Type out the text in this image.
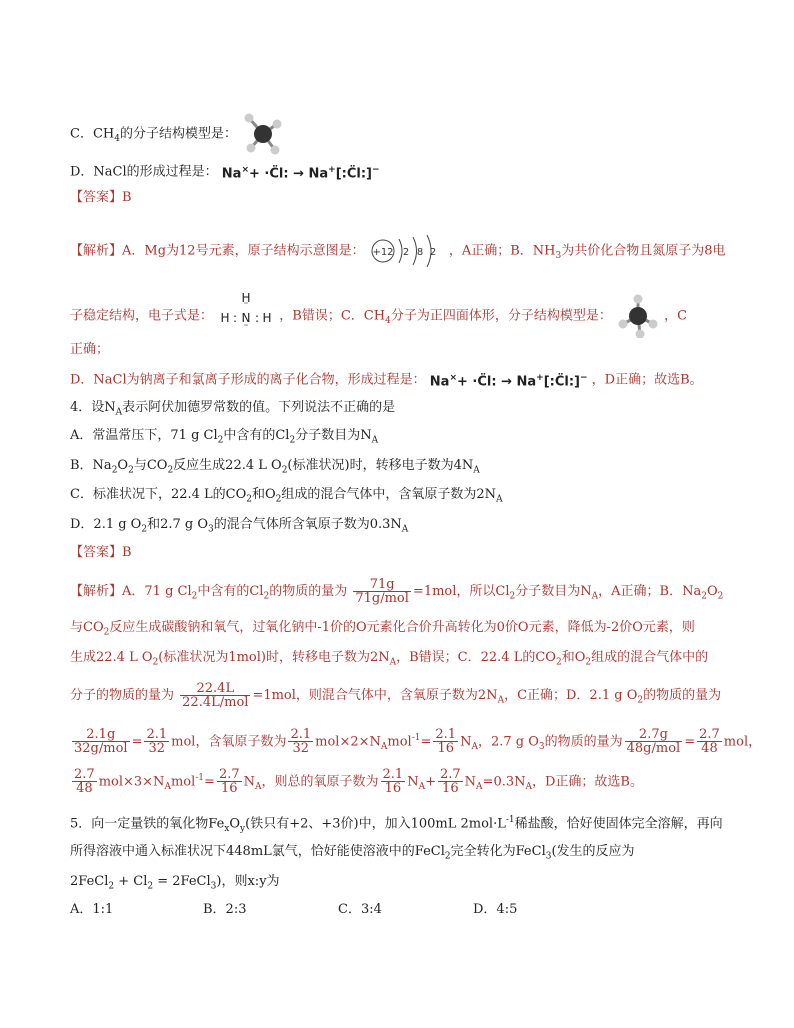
C．$CH_4$的分子结构模型是：
D．NaCl的形成过程是： Na×+ ·C̈l: → Na+[:C̈l:]−
【答案】B
【解析】A．Mg为12号元素，原子结构示意图是： +12 2 8 2 ，A正确；B．$NH_3$为共价化合物且氮原子为8电
子稳定结构，电子式是：
H
¨
H : N : H
¨
，B错误；C．$CH_4$分子为正四面体形，分子结构模型是：	，C
正确；
D．NaCl为钠离子和氯离子形成的离子化合物，形成过程是： Na×+ ·C̈l: → Na+[:C̈l:]− ，D正确；故选B。
4．设$N_A$表示阿伏加德罗常数的值。下列说法不正确的是
A．常温常压下，71 g $Cl_2$中含有的$Cl_2$分子数目为$N_A$
B．$Na_2O_2$与$CO_2$反应生成22.4 L $O_2$(标准状况)时，转移电子数为$4N_A$
C．标准状况下，22.4 L的$CO_2$和$O_2$组成的混合气体中，含氧原子数为$2N_A$
D．2.1 g $O_2$和2.7 g $O_3$的混合气体所含氧原子数为$0.3N_A$
【答案】B
【解析】A．71 g $Cl_2$中含有的$Cl_2$的物质的量为 $\frac{71g}{\text{71g/mol}} =1mol$，所以$Cl_2$分子数目为$N_A$，A正确；B．$Na_2O_2$
与$CO_2$反应生成碳酸钠和氧气，过氧化钠中-1价的O元素化合价升高转化为0价O元素，降低为-2价O元素，则
生成22.4 L $O_2$(标准状况为1mol)时，转移电子数为$2N_A$，B错误；C．22.4 L的$CO_2$和$O_2$组成的混合气体中的
分子的物质的量为 $\frac{22.4L}{\text{22.4L/mol}} =1mol$，则混合气体中，含氧原子数为$2N_A$，C正确；D．2.1 g $O_2$的物质的量为
$\frac{2.1g}{\text{32g/mol}} = \frac{2.1}{32}$ mol，含氧原子数为 $\frac{2.1}{32} mol\times 2\times N_Amol^{-1}= \frac{2.1}{16} N_A$，2.7 g $O_3$的物质的量为 $\frac{2.7g}{\text{48g/mol}} = \frac{2.7}{48}$ mol，
$\frac{2.7}{48} mol\times 3\times N_Amol^{-1}= \frac{2.7}{16} N_A$，则总的氧原子数为 $\frac{2.1}{16} N_A+ \frac{2.7}{16} N_A=0.3N_A$，D正确；故选B。
5．向一定量铁的氧化物$Fe_xO_y$(铁只有+2、+3价)中，加入100mL $2mol\cdot L^{-1}$稀盐酸，恰好使固体完全溶解，再向
所得溶液中通入标准状况下448mL氯气，恰好能使溶液中的FeCl$_2$完全转化为FeCl$_3$(发生的反应为
2FeCl$_2$ + $Cl_2$ = 2FeCl$_3$)，则x:y为
A．1:1	B．2:3	C．3:4	D．4:5
